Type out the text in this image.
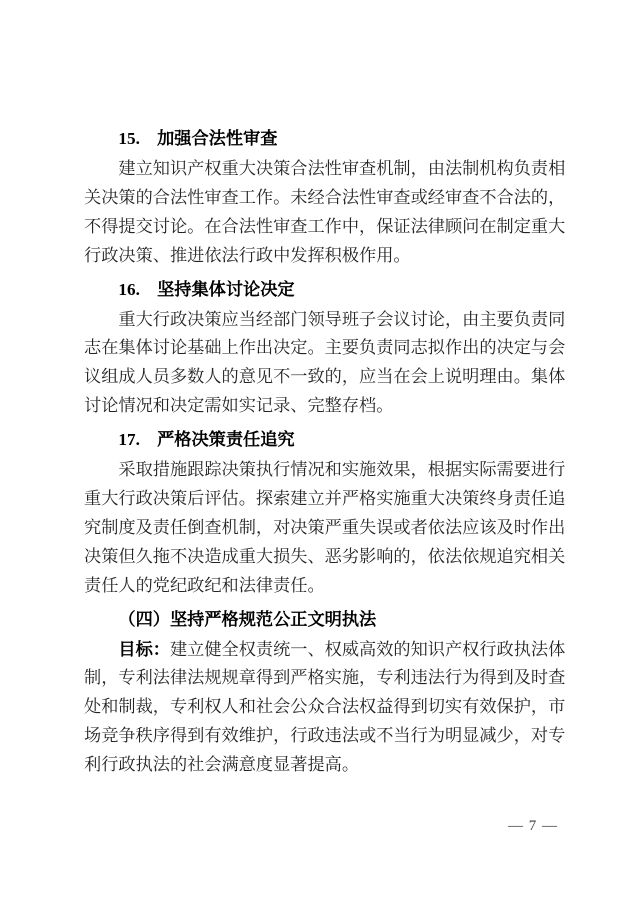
15.　加强合法性审查
建立知识产权重大决策合法性审查机制，由法制机构负责相
关决策的合法性审查工作。未经合法性审查或经审查不合法的，
不得提交讨论。在合法性审查工作中，保证法律顾问在制定重大
行政决策、推进依法行政中发挥积极作用。
16.　坚持集体讨论决定
重大行政决策应当经部门领导班子会议讨论，由主要负责同
志在集体讨论基础上作出决定。主要负责同志拟作出的决定与会
议组成人员多数人的意见不一致的，应当在会上说明理由。集体
讨论情况和决定需如实记录、完整存档。
17.　严格决策责任追究
采取措施跟踪决策执行情况和实施效果，根据实际需要进行
重大行政决策后评估。探索建立并严格实施重大决策终身责任追
究制度及责任倒查机制，对决策严重失误或者依法应该及时作出
决策但久拖不决造成重大损失、恶劣影响的，依法依规追究相关
责任人的党纪政纪和法律责任。
（四）坚持严格规范公正文明执法
目标：建立健全权责统一、权威高效的知识产权行政执法体
制，专利法律法规规章得到严格实施，专利违法行为得到及时查
处和制裁，专利权人和社会公众合法权益得到切实有效保护，市
场竞争秩序得到有效维护，行政违法或不当行为明显减少，对专
利行政执法的社会满意度显著提高。
— 7 —
